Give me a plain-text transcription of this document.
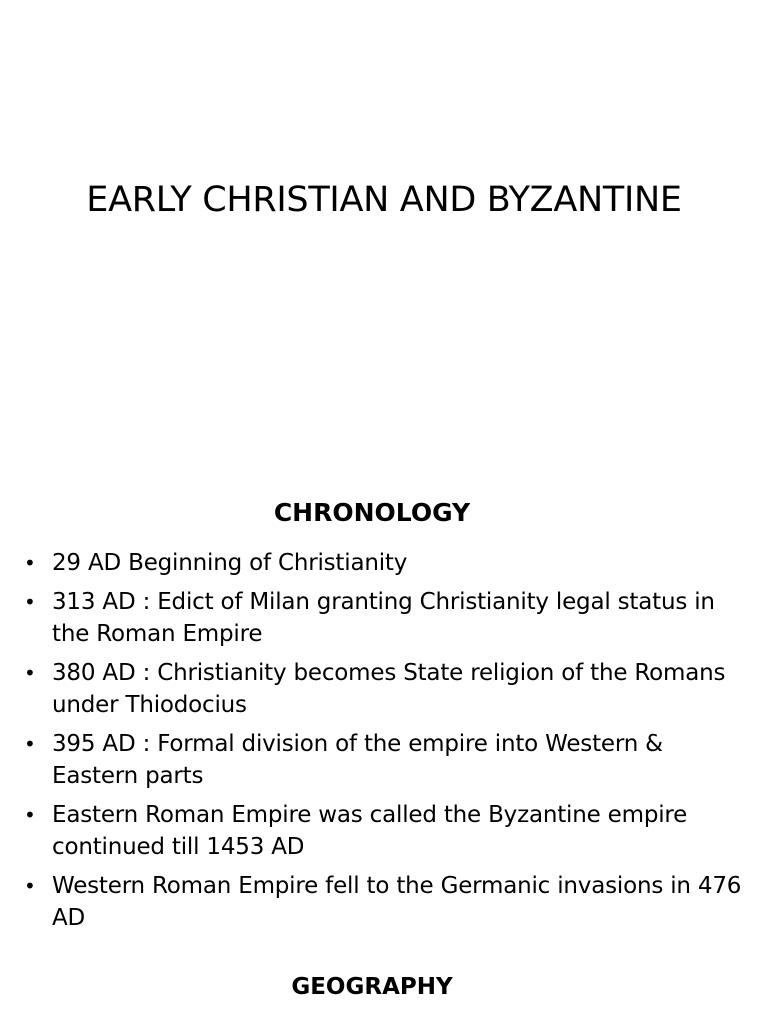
EARLY CHRISTIAN AND BYZANTINE
CHRONOLOGY
• 29 AD Beginning of Christianity
• 313 AD : Edict of Milan granting Christianity legal status in the Roman Empire
• 380 AD : Christianity becomes State religion of the Romans under Thiodocius
• 395 AD : Formal division of the empire into Western & Eastern parts
• Eastern Roman Empire was called the Byzantine empire continued till 1453 AD
• Western Roman Empire fell to the Germanic invasions in 476 AD
GEOGRAPHY
